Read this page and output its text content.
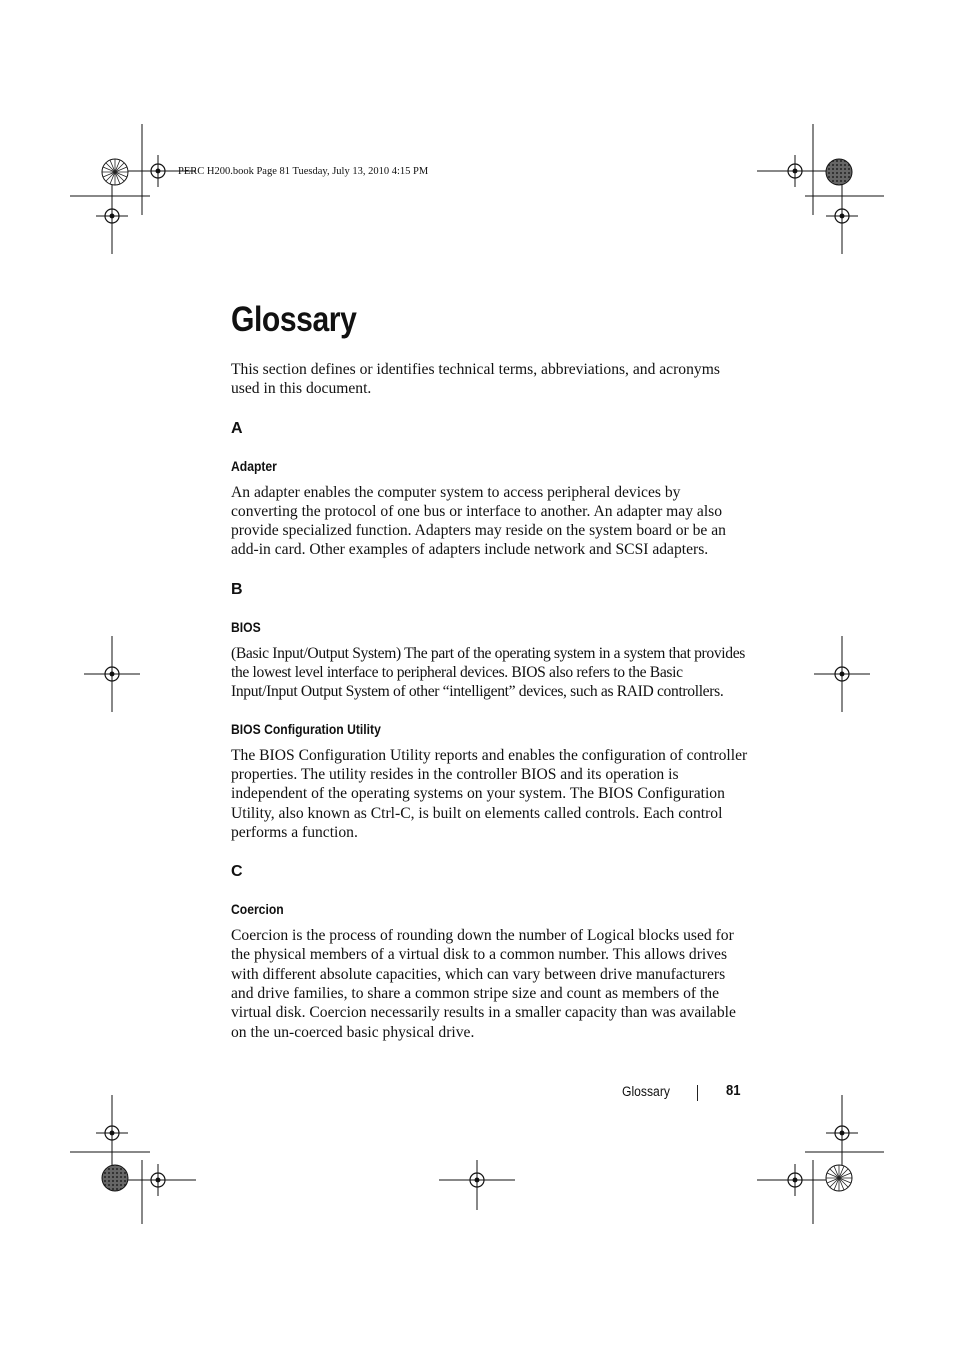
PERC H200.book Page 81 Tuesday, July 13, 2010 4:15 PM
Glossary

This section defines or identifies technical terms, abbreviations, and acronyms used in this document.

A
Adapter

An adapter enables the computer system to access peripheral devices by converting the protocol of one bus or interface to another. An adapter may also provide specialized function. Adapters may reside on the system board or be an add-in card. Other examples of adapters include network and SCSI adapters.

B
BIOS

(Basic Input/Output System) The part of the operating system in a system that provides the lowest level interface to peripheral devices. BIOS also refers to the Basic Input/Input Output System of other “intelligent” devices, such as RAID controllers.

BIOS Configuration Utility

The BIOS Configuration Utility reports and enables the configuration of controller properties. The utility resides in the controller BIOS and its operation is independent of the operating systems on your system. The BIOS Configuration Utility, also known as Ctrl-C, is built on elements called controls. Each control performs a function.

C
Coercion

Coercion is the process of rounding down the number of Logical blocks used for the physical members of a virtual disk to a common number. This allows drives with different absolute capacities, which can vary between drive manufacturers and drive families, to share a common stripe size and count as members of the virtual disk. Coercion necessarily results in a smaller capacity than was available on the un-coerced basic physical drive.

Glossary	81
